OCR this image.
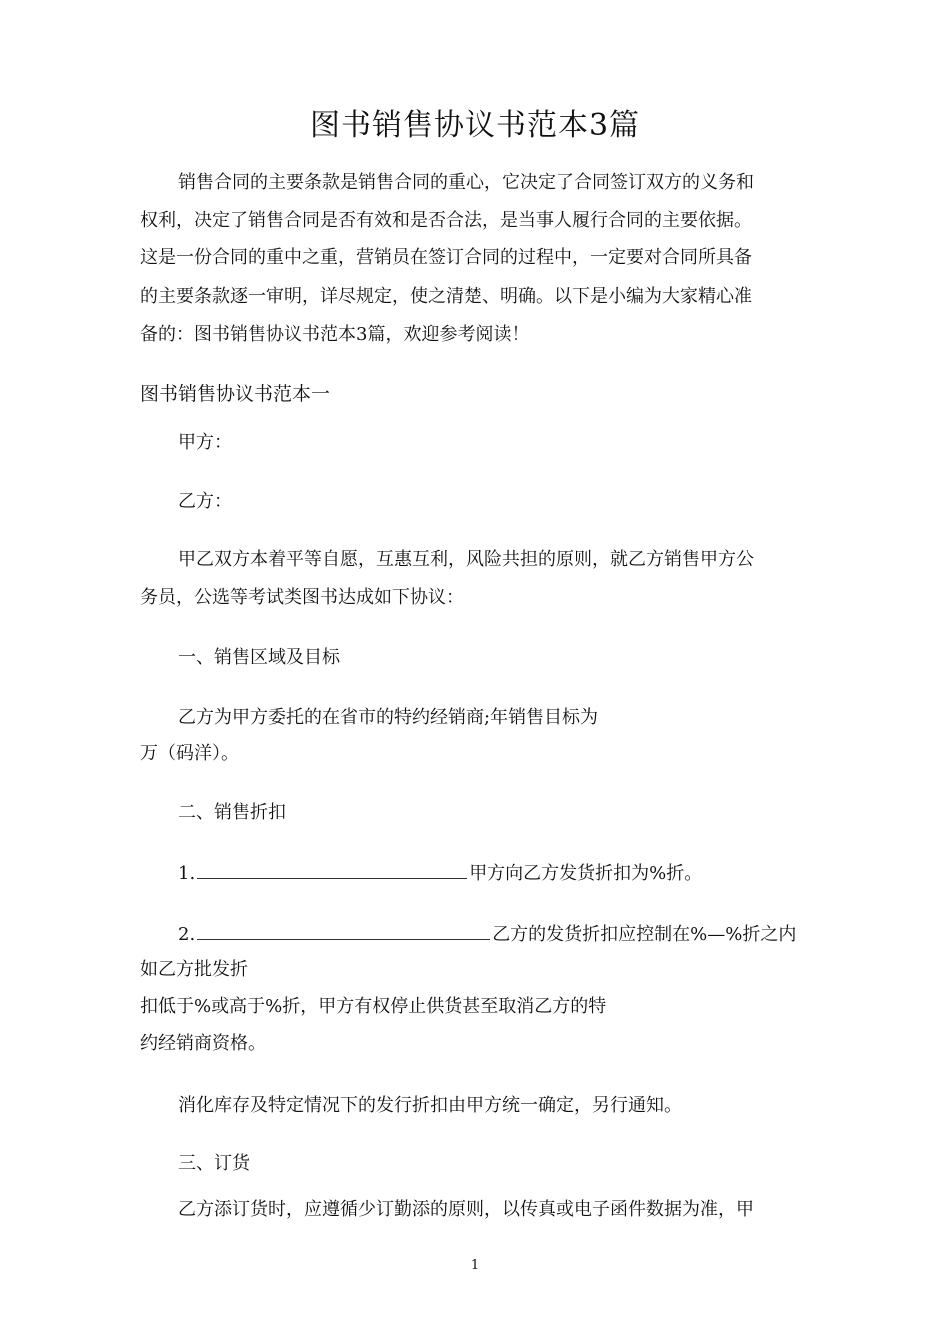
图书销售协议书范本3篇
销售合同的主要条款是销售合同的重心，它决定了合同签订双方的义务和
权利，决定了销售合同是否有效和是否合法，是当事人履行合同的主要依据。
这是一份合同的重中之重，营销员在签订合同的过程中，一定要对合同所具备
的主要条款逐一审明，详尽规定，使之清楚、明确。以下是小编为大家精心准
备的：图书销售协议书范本3篇，欢迎参考阅读！
图书销售协议书范本一
甲方：
乙方：
甲乙双方本着平等自愿，互惠互利，风险共担的原则，就乙方销售甲方公
务员，公选等考试类图书达成如下协议：
一、销售区域及目标
乙方为甲方委托的在省市的特约经销商;年销售目标为
万（码洋）。
二、销售折扣
1.	甲方向乙方发货折扣为%折。
2.	乙方的发货折扣应控制在%—%折之内
如乙方批发折
扣低于%或高于%折，甲方有权停止供货甚至取消乙方的特
约经销商资格。
消化库存及特定情况下的发行折扣由甲方统一确定，另行通知。
三、订货
乙方添订货时，应遵循少订勤添的原则，以传真或电子函件数据为准，甲
1
